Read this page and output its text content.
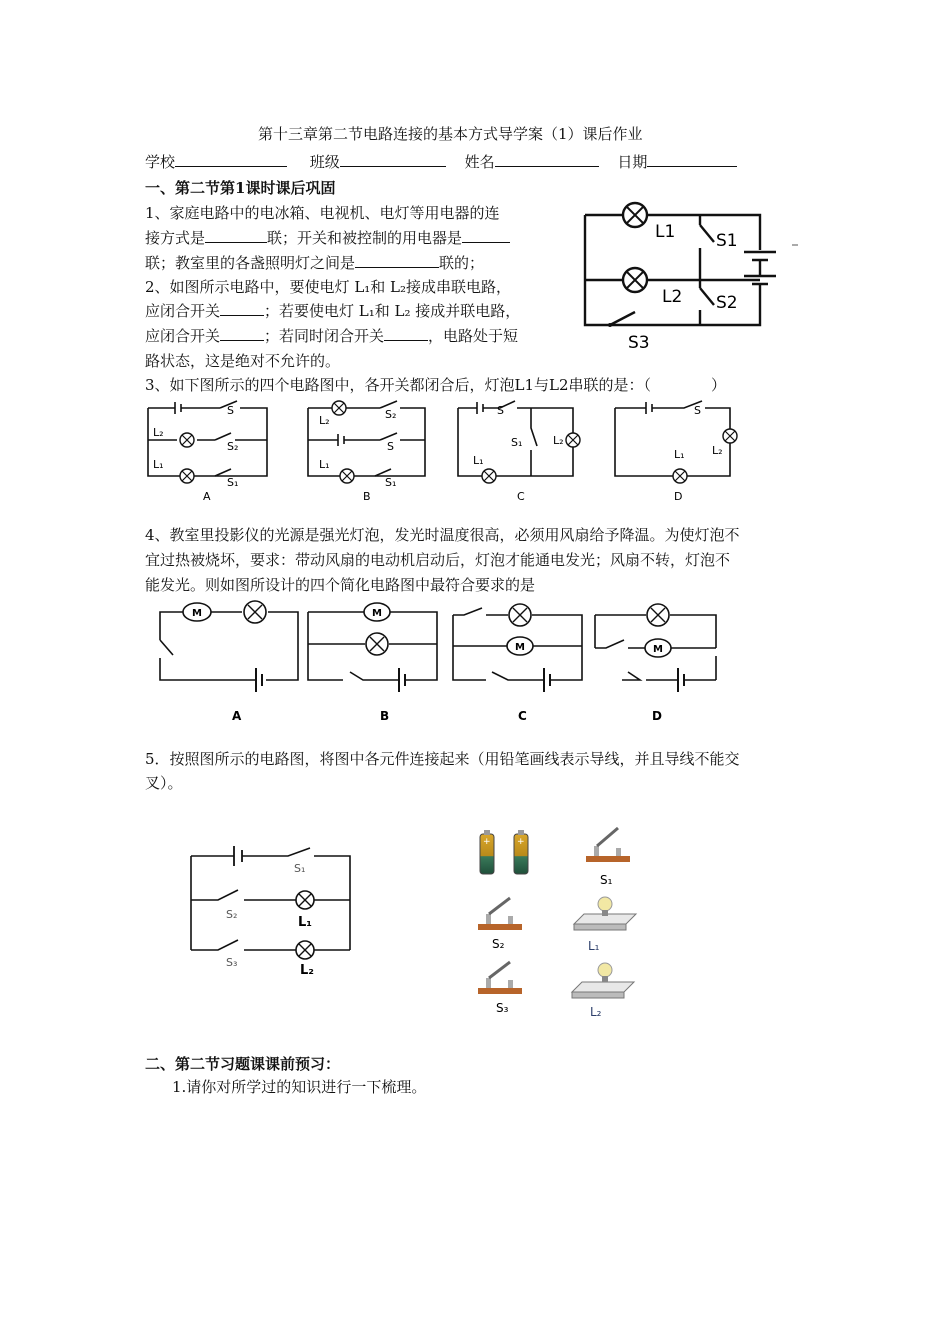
第十三章第二节电路连接的基本方式导学案（1）课后作业
学校	班级	姓名	日期
一、第二节第1课时课后巩固
1、家庭电路中的电冰箱、电视机、电灯等用电器的连
接方式是	联；开关和被控制的用电器是
联；教室里的各盏照明灯之间是	联的；
2、如图所示电路中，要使电灯 L₁和 L₂接成串联电路，
应闭合开关	；若要使电灯 L₁和 L₂ 接成并联电路，
应闭合开关	；若同时闭合开关	，电路处于短
路状态，这是绝对不允许的。
L1 S1
L2 S2
S3
3、如下图所示的四个电路图中，各开关都闭合后，灯泡L1与L2串联的是：（　　　　）
S
L₂
S₂
L₁
S₁
A
L₂	S₂
S
L₁
S₁
B
S
L₂
S₁
L₁
C
S
L₂
L₁
D
4、教室里投影仪的光源是强光灯泡，发光时温度很高，必须用风扇给予降温。为使灯泡不
宜过热被烧坏，要求：带动风扇的电动机启动后，灯泡才能通电发光；风扇不转，灯泡不
能发光。则如图所设计的四个简化电路图中最符合要求的是
M
A
M
B
M
C
M
D
5．按照图所示的电路图，将图中各元件连接起来（用铅笔画线表示导线，并且导线不能交
叉）。
S₁
S₂
L₁
S₃
L₂
+	+
S₁
S₂	L₁
S₃	L₂
二、第二节习题课课前预习：
1.请你对所学过的知识进行一下梳理。
